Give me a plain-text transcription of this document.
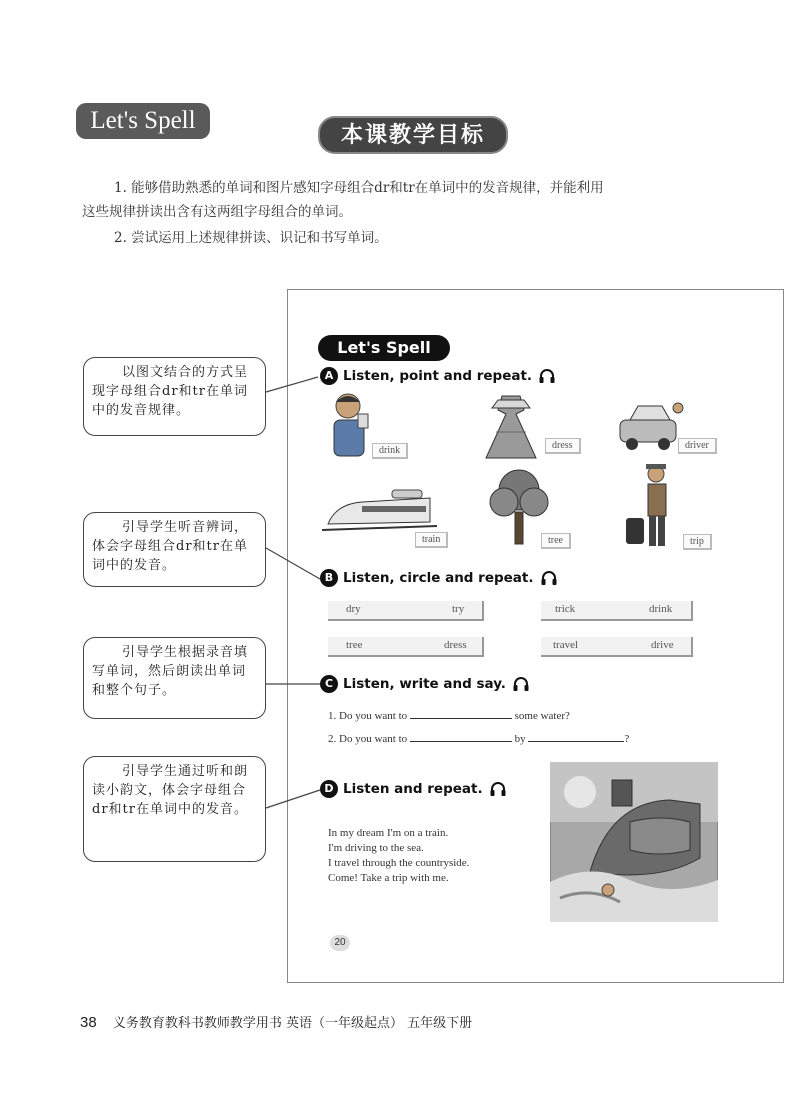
Let's Spell
本课教学目标
1. 能够借助熟悉的单词和图片感知字母组合dr和tr在单词中的发音规律，并能利用
这些规律拼读出含有这两组字母组合的单词。
2. 尝试运用上述规律拼读、识记和书写单词。
Let's Spell
A Listen, point and repeat.
drink	dress	driver
train	tree	trip
B Listen, circle and repeat.
dry	try	trick	drink
tree	dress	travel	drive
C Listen, write and say.
1. Do you want to	some water?
2. Do you want to	by	?
D Listen and repeat.
In my dream I'm on a train.
I'm driving to the sea.
I travel through the countryside.
Come! Take a trip with me.
20
以图文结合的方式呈现字母组合dr和tr在单词中的发音规律。
引导学生听音辨词，体会字母组合dr和tr在单词中的发音。
引导学生根据录音填写单词，然后朗读出单词和整个句子。
引导学生通过听和朗读小韵文，体会字母组合dr和tr在单词中的发音。
38 义务教育教科书教师教学用书 英语（一年级起点） 五年级下册
